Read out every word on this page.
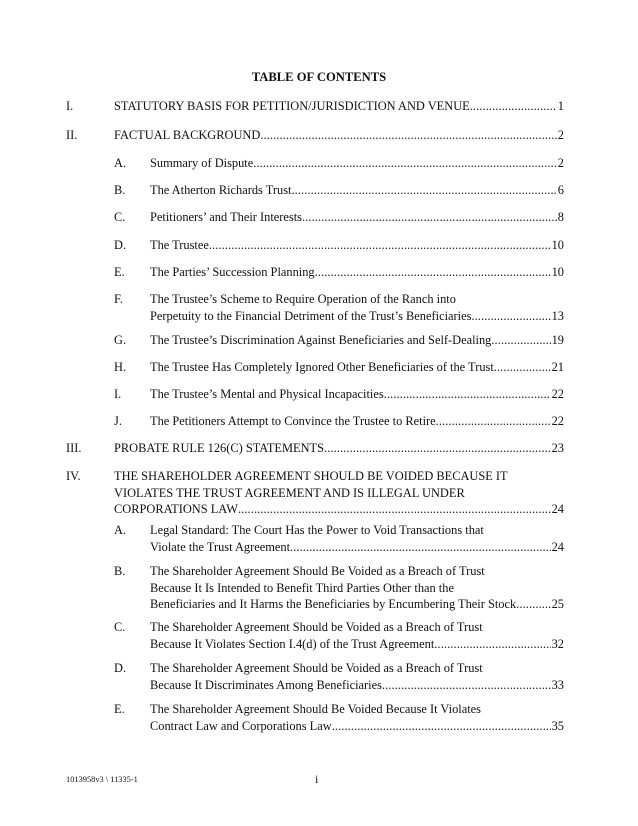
TABLE OF CONTENTS
I.	STATUTORY BASIS FOR PETITION/JURISDICTION AND VENUE .....	1
II.	FACTUAL BACKGROUND .....	2
A. Summary of Dispute .....	2
B. The Atherton Richards Trust .....	6
C. Petitioners’ and Their Interests .....	8
D. The Trustee .....	10
E. The Parties’ Succession Planning .....	10
F. The Trustee’s Scheme to Require Operation of the Ranch into
Perpetuity to the Financial Detriment of the Trust’s Beneficiaries .....	13
G. The Trustee’s Discrimination Against Beneficiaries and Self-Dealing .....	19
H. The Trustee Has Completely Ignored Other Beneficiaries of the Trust .....	21
I. The Trustee’s Mental and Physical Incapacities .....	22
J. The Petitioners Attempt to Convince the Trustee to Retire .....	22
III.	PROBATE RULE 126(C) STATEMENTS .....	23
IV.	THE SHAREHOLDER AGREEMENT SHOULD BE VOIDED BECAUSE IT
VIOLATES THE TRUST AGREEMENT AND IS ILLEGAL UNDER
CORPORATIONS LAW .....	24
A. Legal Standard: The Court Has the Power to Void Transactions that
Violate the Trust Agreement .....	24
B. The Shareholder Agreement Should Be Voided as a Breach of Trust
Because It Is Intended to Benefit Third Parties Other than the
Beneficiaries and It Harms the Beneficiaries by Encumbering Their Stock .....	25
C. The Shareholder Agreement Should be Voided as a Breach of Trust
Because It Violates Section I.4(d) of the Trust Agreement .....	32
D. The Shareholder Agreement Should be Voided as a Breach of Trust
Because It Discriminates Among Beneficiaries .....	33
E. The Shareholder Agreement Should Be Voided Because It Violates
Contract Law and Corporations Law .....	35
1013958v3 \ 11335-1	i
